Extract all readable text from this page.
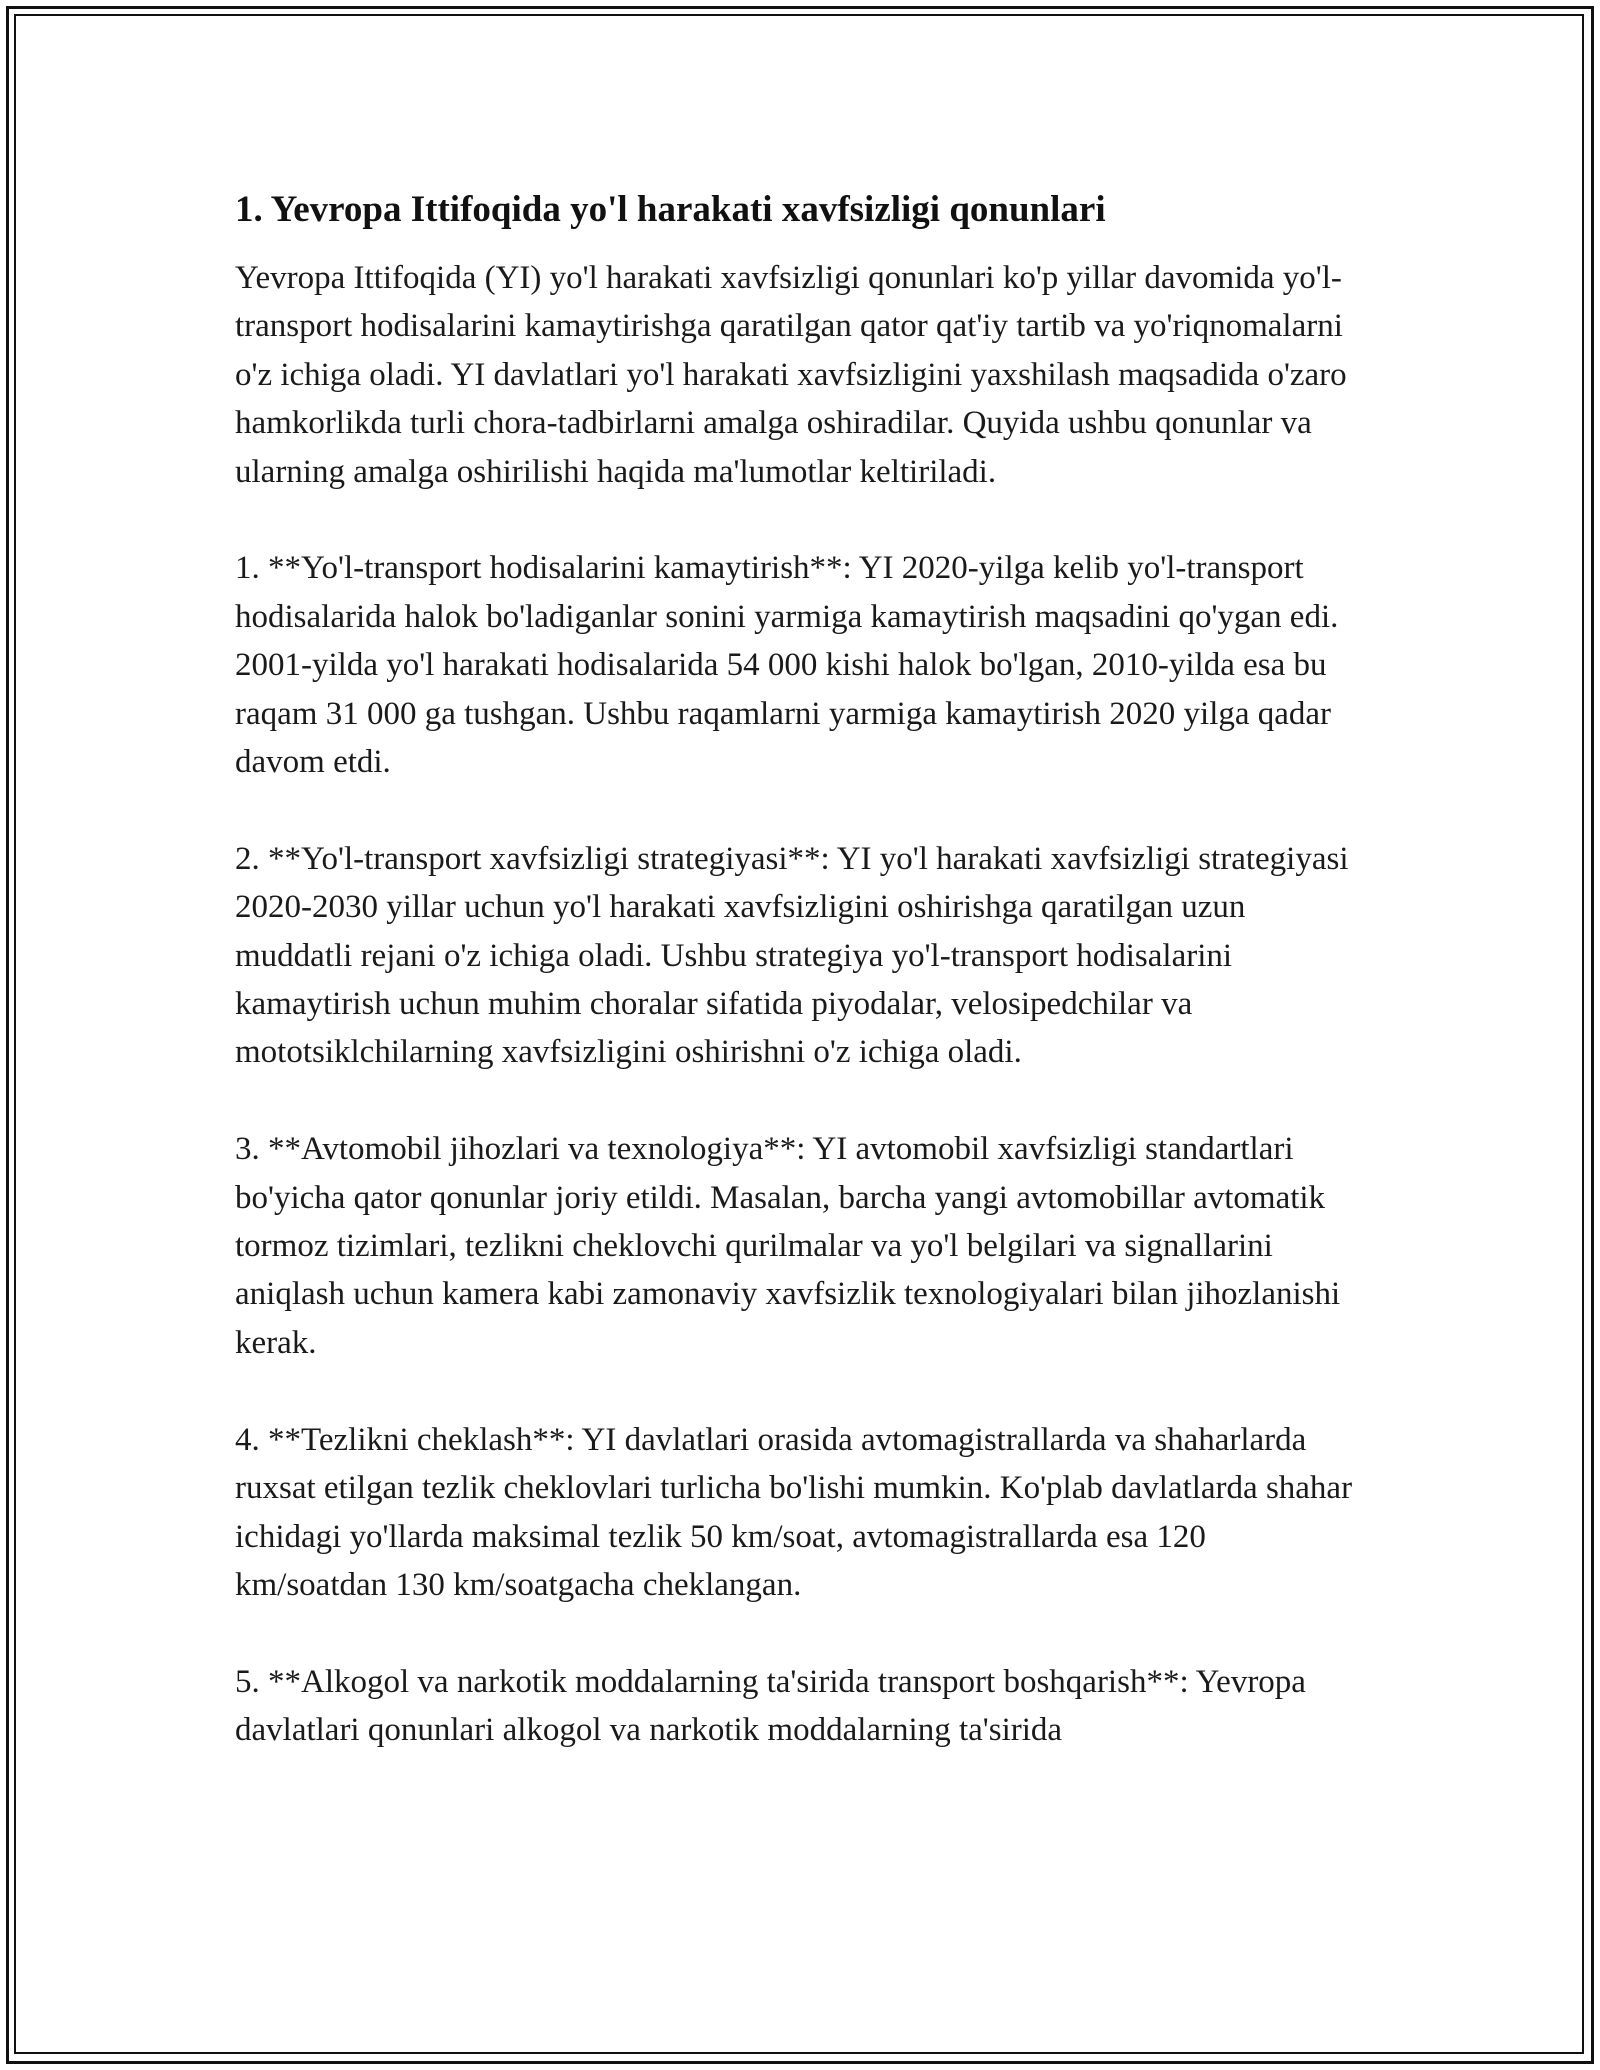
1. Yevropa Ittifoqida yo'l harakati xavfsizligi qonunlari

Yevropa Ittifoqida (YI) yo'l harakati xavfsizligi qonunlari ko'p yillar davomida yo'l-transport hodisalarini kamaytirishga qaratilgan qator qat'iy tartib va yo'riqnomalarni o'z ichiga oladi. YI davlatlari yo'l harakati xavfsizligini yaxshilash maqsadida o'zaro hamkorlikda turli chora-tadbirlarni amalga oshiradilar. Quyida ushbu qonunlar va ularning amalga oshirilishi haqida ma'lumotlar keltiriladi.

1. **Yo'l-transport hodisalarini kamaytirish**: YI 2020-yilga kelib yo'l-transport hodisalarida halok bo'ladiganlar sonini yarmiga kamaytirish maqsadini qo'ygan edi. 2001-yilda yo'l harakati hodisalarida 54 000 kishi halok bo'lgan, 2010-yilda esa bu raqam 31 000 ga tushgan. Ushbu raqamlarni yarmiga kamaytirish 2020 yilga qadar davom etdi.

2. **Yo'l-transport xavfsizligi strategiyasi**: YI yo'l harakati xavfsizligi strategiyasi 2020-2030 yillar uchun yo'l harakati xavfsizligini oshirishga qaratilgan uzun muddatli rejani o'z ichiga oladi. Ushbu strategiya yo'l-transport hodisalarini kamaytirish uchun muhim choralar sifatida piyodalar, velosipedchilar va mototsiklchilarning xavfsizligini oshirishni o'z ichiga oladi.

3. **Avtomobil jihozlari va texnologiya**: YI avtomobil xavfsizligi standartlari bo'yicha qator qonunlar joriy etildi. Masalan, barcha yangi avtomobillar avtomatik tormoz tizimlari, tezlikni cheklovchi qurilmalar va yo'l belgilari va signallarini aniqlash uchun kamera kabi zamonaviy xavfsizlik texnologiyalari bilan jihozlanishi kerak.

4. **Tezlikni cheklash**: YI davlatlari orasida avtomagistrallarda va shaharlarda ruxsat etilgan tezlik cheklovlari turlicha bo'lishi mumkin. Ko'plab davlatlarda shahar ichidagi yo'llarda maksimal tezlik 50 km/soat, avtomagistrallarda esa 120 km/soatdan 130 km/soatgacha cheklangan.

5. **Alkogol va narkotik moddalarning ta'sirida transport boshqarish**: Yevropa davlatlari qonunlari alkogol va narkotik moddalarning ta'sirida
